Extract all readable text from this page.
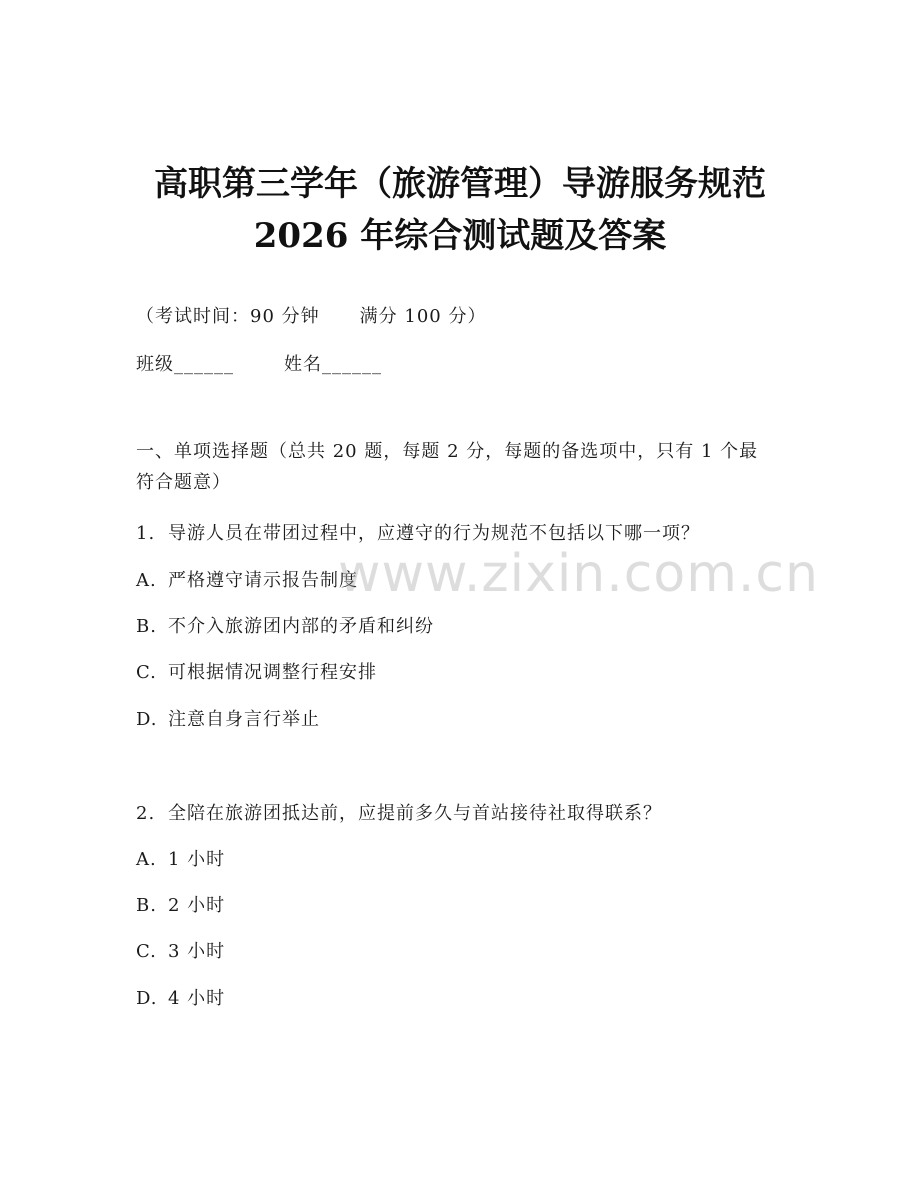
高职第三学年（旅游管理）导游服务规范
2026 年综合测试题及答案
（考试时间：90 分钟 满分 100 分）
班级______	姓名______
一、单项选择题（总共 20 题，每题 2 分，每题的备选项中，只有 1 个最符合题意）
1. 导游人员在带团过程中，应遵守的行为规范不包括以下哪一项？
A. 严格遵守请示报告制度
B. 不介入旅游团内部的矛盾和纠纷
C. 可根据情况调整行程安排
D. 注意自身言行举止
2. 全陪在旅游团抵达前，应提前多久与首站接待社取得联系？
A. 1 小时
B. 2 小时
C. 3 小时
D. 4 小时
www.zixin.com.cn
